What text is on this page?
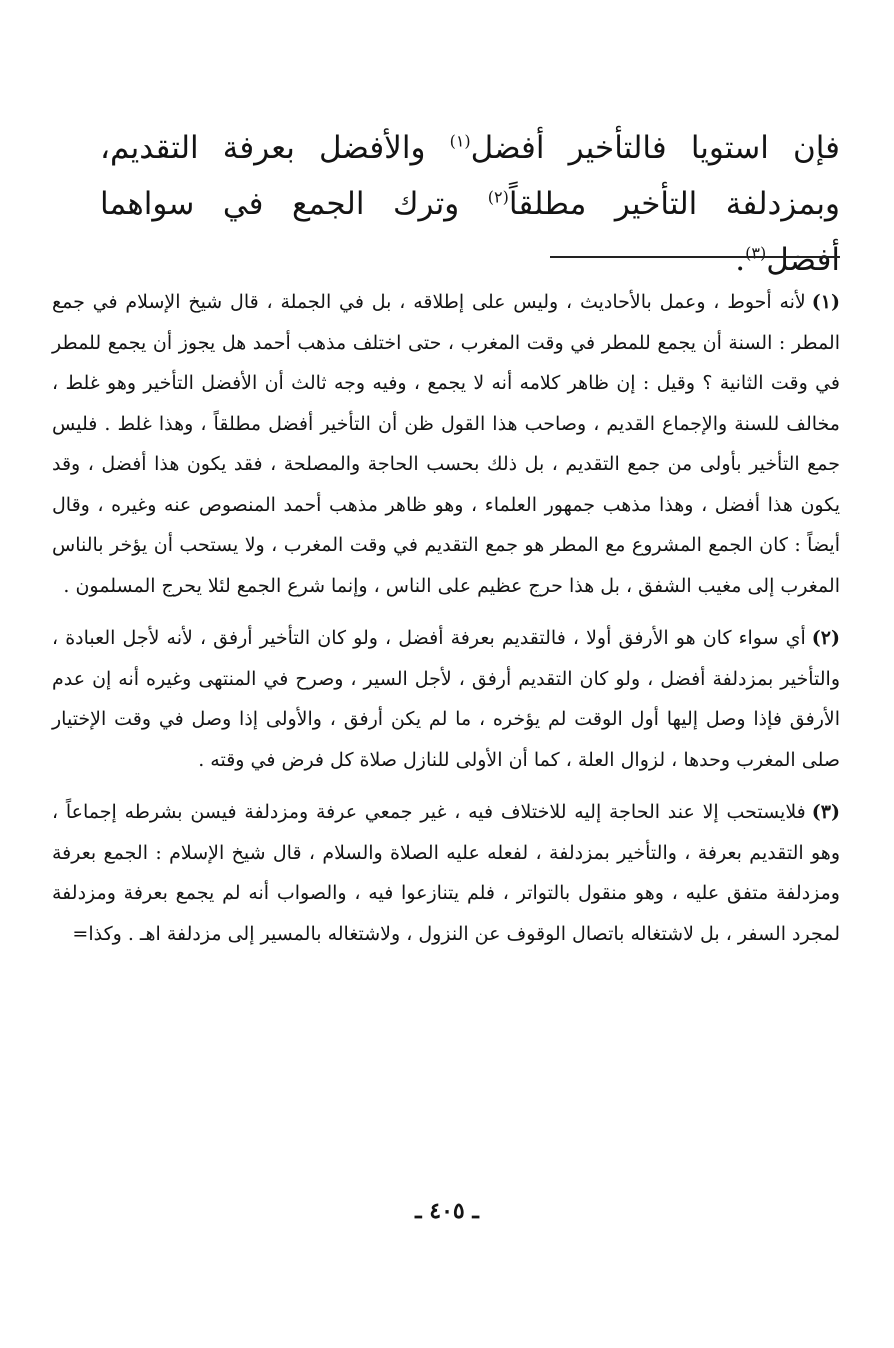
فإن استويا فالتأخير أفضل$^{(١)}$ والأفضل بعرفة التقديم، وبمزدلفة التأخير مطلقاً$^{(٢)}$ وترك الجمع في سواهما أفضل$^{(٣)}$.

(١)لأنه أحوط ، وعمل بالأحاديث ، وليس على إطلاقه ، بل في الجملة ، قال شيخ الإسلام في جمع المطر : السنة أن يجمع للمطر في وقت المغرب ، حتى اختلف مذهب أحمد هل يجوز أن يجمع للمطر في وقت الثانية ؟ وقيل : إن ظاهر كلامه أنه لا يجمع ، وفيه وجه ثالث أن الأفضل التأخير وهو غلط ، مخالف للسنة والإجماع القديم ، وصاحب هذا القول ظن أن التأخير أفضل مطلقاً ، وهذا غلط . فليس جمع التأخير بأولى من جمع التقديم ، بل ذلك بحسب الحاجة والمصلحة ، فقد يكون هذا أفضل ، وقد يكون هذا أفضل ، وهذا مذهب جمهور العلماء ، وهو ظاهر مذهب أحمد المنصوص عنه وغيره ، وقال أيضاً : كان الجمع المشروع مع المطر هو جمع التقديم في وقت المغرب ، ولا يستحب أن يؤخر بالناس المغرب إلى مغيب الشفق ، بل هذا حرج عظيم على الناس ، وإنما شرع الجمع لئلا يحرج المسلمون .

(٢)أي سواء كان هو الأرفق أولا ، فالتقديم بعرفة أفضل ، ولو كان التأخير أرفق ، لأنه لأجل العبادة ، والتأخير بمزدلفة أفضل ، ولو كان التقديم أرفق ، لأجل السير ، وصرح في المنتهى وغيره أنه إن عدم الأرفق فإذا وصل إليها أول الوقت لم يؤخره ، ما لم يكن أرفق ، والأولى إذا وصل في وقت الإختيار صلى المغرب وحدها ، لزوال العلة ، كما أن الأولى للنازل صلاة كل فرض في وقته .

(٣)فلايستحب إلا عند الحاجة إليه للاختلاف فيه ، غير جمعي عرفة ومزدلفة فيسن بشرطه إجماعاً ، وهو التقديم بعرفة ، والتأخير بمزدلفة ، لفعله عليه الصلاة والسلام ، قال شيخ الإسلام : الجمع بعرفة ومزدلفة متفق عليه ، وهو منقول بالتواتر ، فلم يتنازعوا فيه ، والصواب أنه لم يجمع بعرفة ومزدلفة لمجرد السفر ، بل لاشتغاله باتصال الوقوف عن النزول ، ولاشتغاله بالمسير إلى مزدلفة اهـ . وكذا=

ـ ٤٠٥ ـ
